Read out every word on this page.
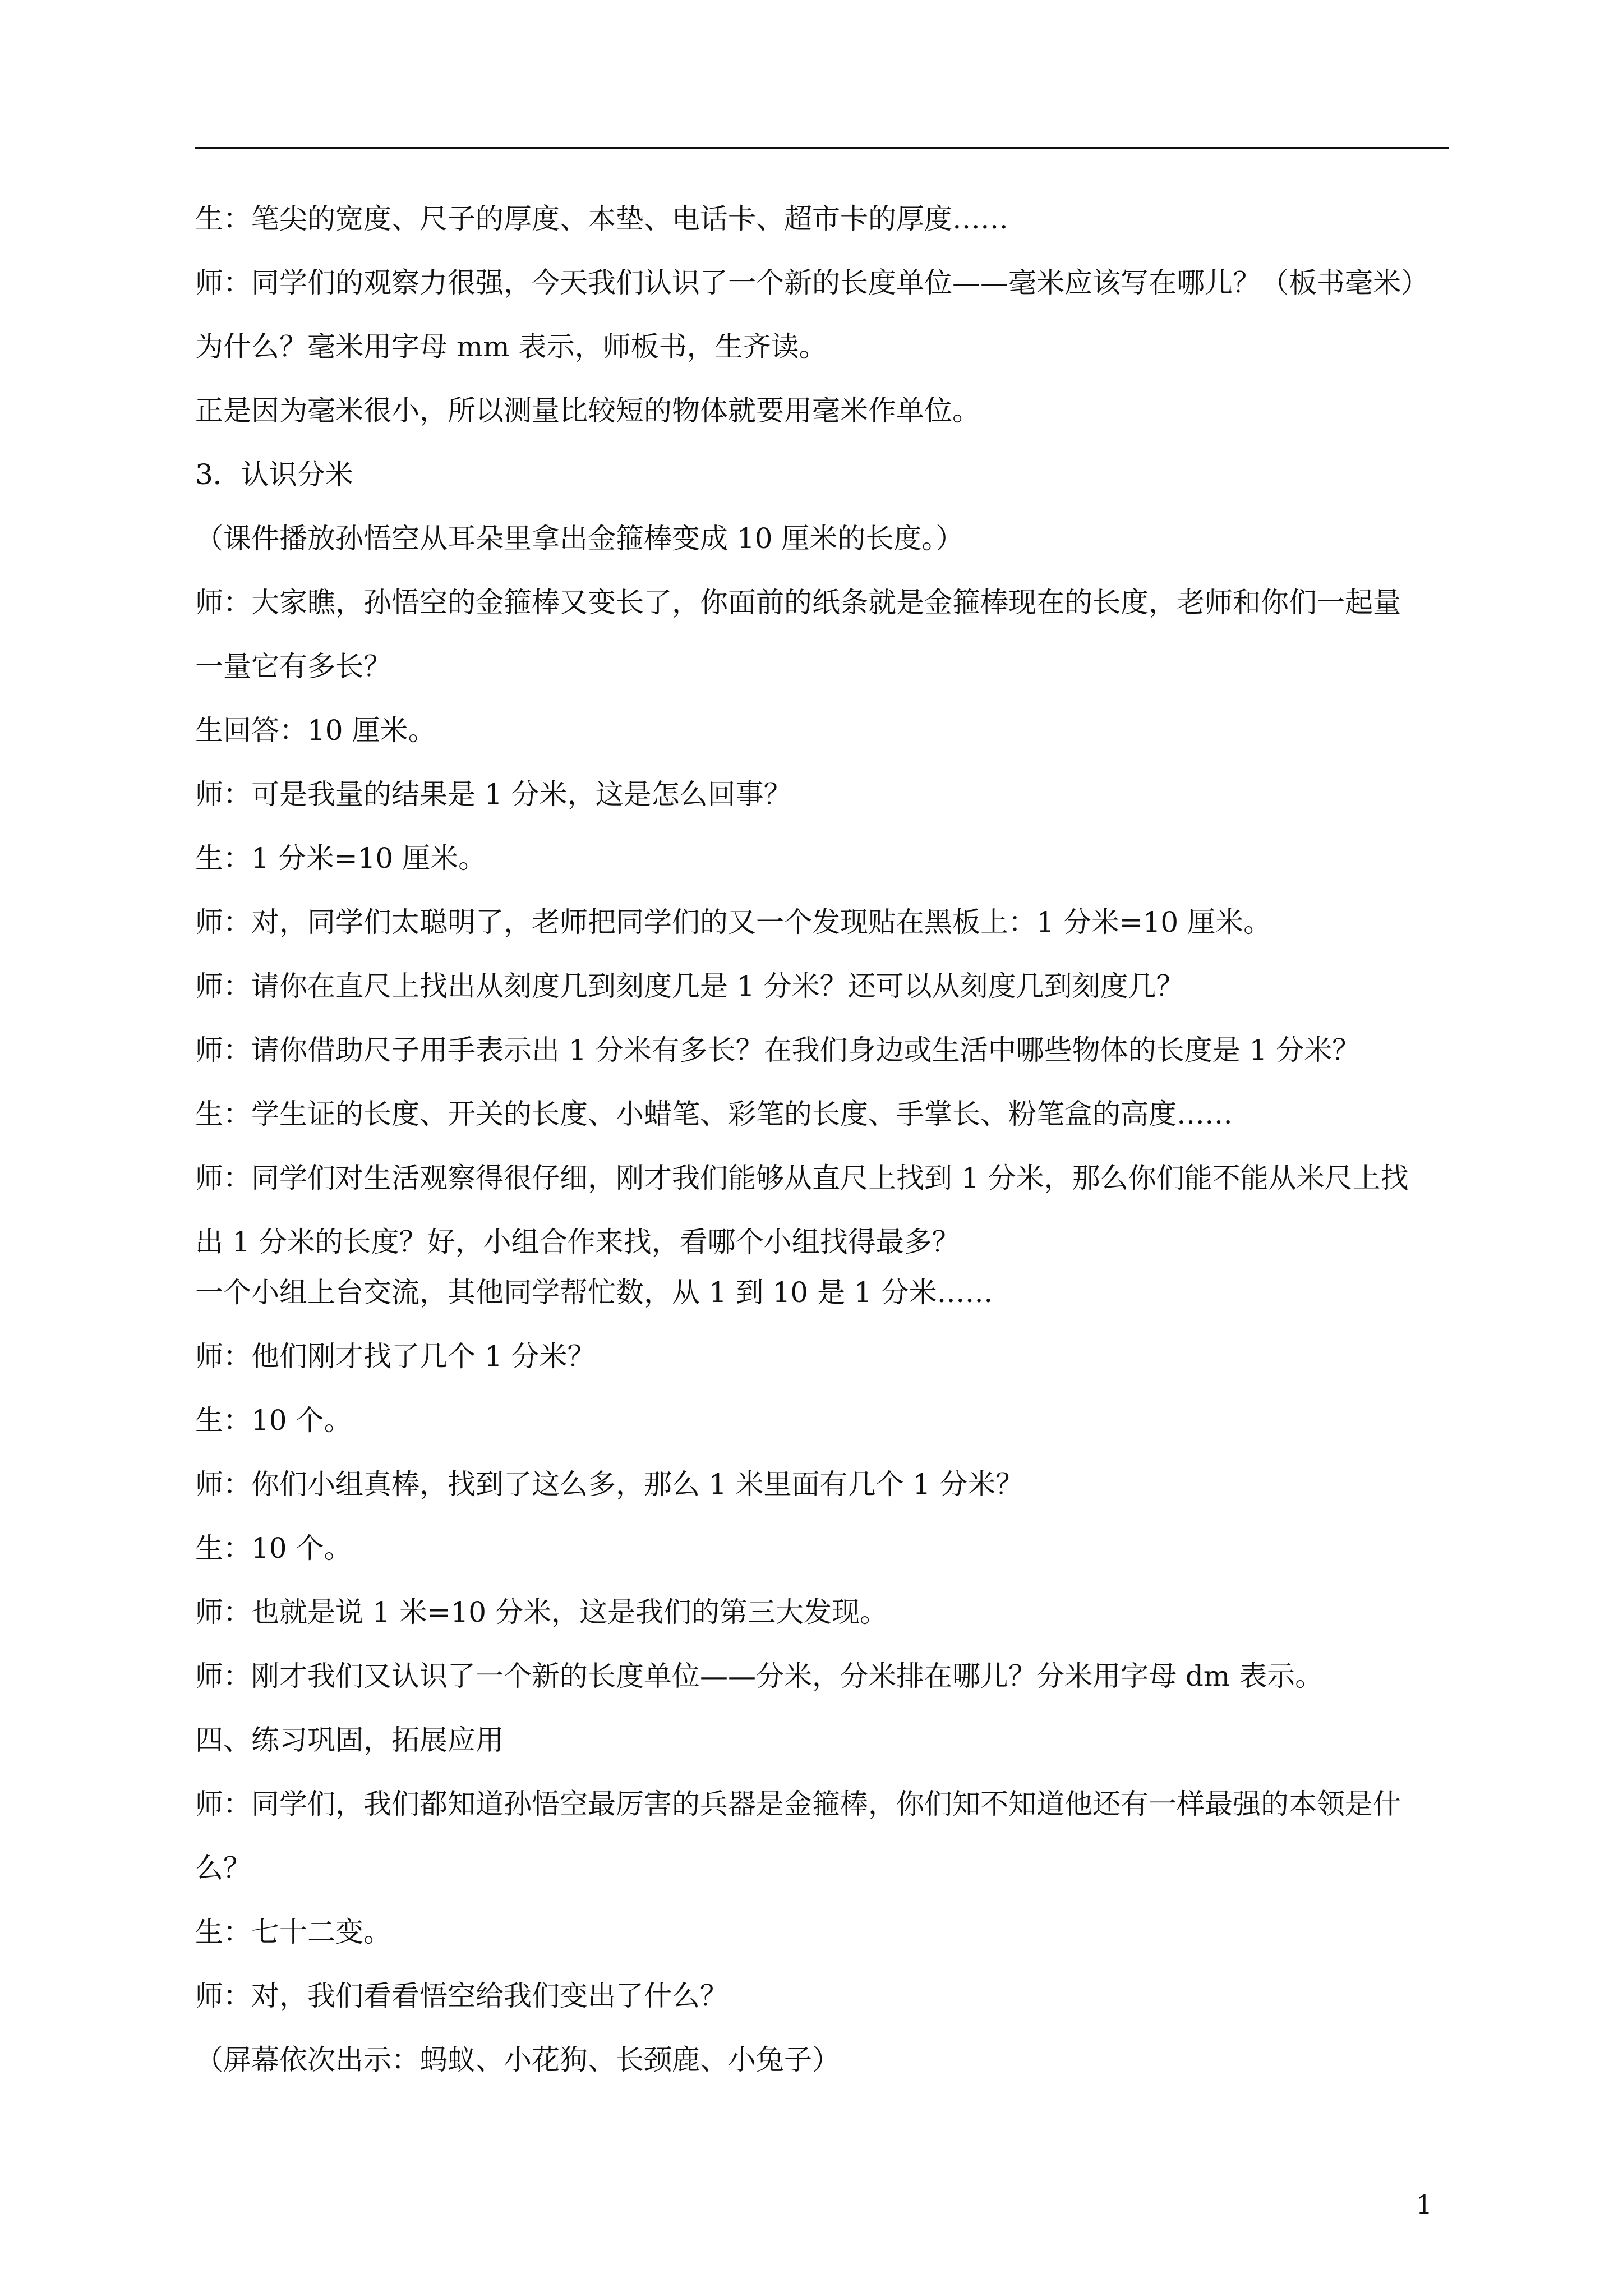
生：笔尖的宽度、尺子的厚度、本垫、电话卡、超市卡的厚度……

师：同学们的观察力很强，今天我们认识了一个新的长度单位——毫米应该写在哪儿？（板书毫米）

为什么？毫米用字母 mm 表示，师板书，生齐读。

正是因为毫米很小，所以测量比较短的物体就要用毫米作单位。

3．认识分米

（课件播放孙悟空从耳朵里拿出金箍棒变成 10 厘米的长度。）

师：大家瞧，孙悟空的金箍棒又变长了，你面前的纸条就是金箍棒现在的长度，老师和你们一起量

一量它有多长？

生回答：10 厘米。

师：可是我量的结果是 1 分米，这是怎么回事？

生：1 分米=10 厘米。

师：对，同学们太聪明了，老师把同学们的又一个发现贴在黑板上：1 分米=10 厘米。

师：请你在直尺上找出从刻度几到刻度几是 1 分米？还可以从刻度几到刻度几？

师：请你借助尺子用手表示出 1 分米有多长？在我们身边或生活中哪些物体的长度是 1 分米？

生：学生证的长度、开关的长度、小蜡笔、彩笔的长度、手掌长、粉笔盒的高度……

师：同学们对生活观察得很仔细，刚才我们能够从直尺上找到 1 分米，那么你们能不能从米尺上找

出 1 分米的长度？好，小组合作来找，看哪个小组找得最多？

一个小组上台交流，其他同学帮忙数，从 1 到 10 是 1 分米……

师：他们刚才找了几个 1 分米？

生：10 个。

师：你们小组真棒，找到了这么多，那么 1 米里面有几个 1 分米？

生：10 个。

师：也就是说 1 米=10 分米，这是我们的第三大发现。

师：刚才我们又认识了一个新的长度单位——分米，分米排在哪儿？分米用字母 dm 表示。

四、练习巩固，拓展应用

师：同学们，我们都知道孙悟空最厉害的兵器是金箍棒，你们知不知道他还有一样最强的本领是什

么？

生：七十二变。

师：对，我们看看悟空给我们变出了什么？

（屏幕依次出示：蚂蚁、小花狗、长颈鹿、小兔子）

1
